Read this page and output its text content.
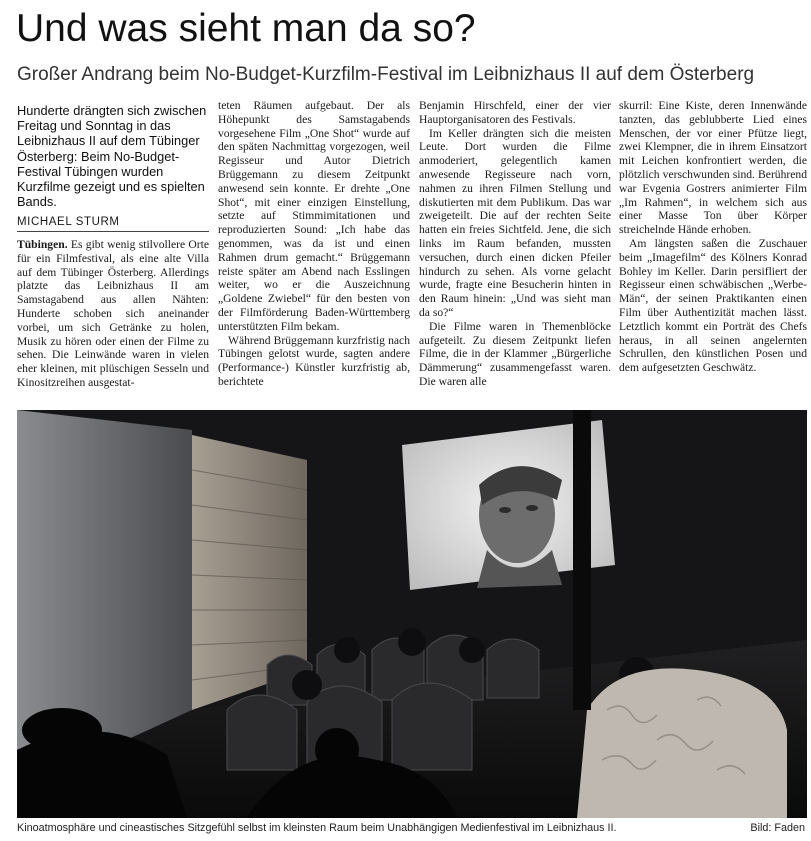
Und was sieht man da so?

Großer Andrang beim No-Budget-Kurzfilm-Festival im Leibnizhaus II auf dem Österberg

Hunderte drängten sich zwischen Freitag und Sonntag in das Leibnizhaus II auf dem Tübinger Österberg: Beim No-Budget-Festival Tübingen wurden Kurzfilme gezeigt und es spielten Bands.

MICHAEL STURM

Tübingen. Es gibt wenig stilvollere Orte für ein Filmfestival, als eine alte Villa auf dem Tübinger Österberg. Allerdings platzte das Leibnizhaus II am Samstagabend aus allen Nähten: Hunderte schoben sich aneinander vorbei, um sich Getränke zu holen, Musik zu hören oder einen der Filme zu sehen. Die Leinwände waren in vielen eher kleinen, mit plüschigen Sesseln und Kinositzreihen ausgestat-

teten Räumen aufgebaut. Der als Höhepunkt des Samstagabends vorgesehene Film „One Shot“ wurde auf den späten Nachmittag vorgezogen, weil Regisseur und Autor Dietrich Brüggemann zu diesem Zeitpunkt anwesend sein konnte. Er drehte „One Shot“, mit einer einzigen Einstellung, setzte auf Stimmimitationen und reproduzierten Sound: „Ich habe das genommen, was da ist und einen Rahmen drum gemacht.“ Brüggemann reiste später am Abend nach Esslingen weiter, wo er die Auszeichnung „Goldene Zwiebel“ für den besten von der Filmförderung Baden-Württemberg unterstützten Film bekam.

Während Brüggemann kurzfristig nach Tübingen gelotst wurde, sagten andere (Performance-) Künstler kurzfristig ab, berichtete

Benjamin Hirschfeld, einer der vier Hauptorganisatoren des Festivals.

Im Keller drängten sich die meisten Leute. Dort wurden die Filme anmoderiert, gelegentlich kamen anwesende Regisseure nach vorn, nahmen zu ihren Filmen Stellung und diskutierten mit dem Publikum. Das war zweigeteilt. Die auf der rechten Seite hatten ein freies Sichtfeld. Jene, die sich links im Raum befanden, mussten versuchen, durch einen dicken Pfeiler hindurch zu sehen. Als vorne gelacht wurde, fragte eine Besucherin hinten in den Raum hinein: „Und was sieht man da so?“

Die Filme waren in Themenblöcke aufgeteilt. Zu diesem Zeitpunkt liefen Filme, die in der Klammer „Bürgerliche Dämmerung“ zusammengefasst waren. Die waren alle

skurril: Eine Kiste, deren Innenwände tanzten, das geblubberte Lied eines Menschen, der vor einer Pfütze liegt, zwei Klempner, die in ihrem Einsatzort mit Leichen konfrontiert werden, die plötzlich verschwunden sind. Berührend war Evgenia Gostrers animierter Film „Im Rahmen“, in welchem sich aus einer Masse Ton über Körper streichelnde Hände erhoben.

Am längsten saßen die Zuschauer beim „Imagefilm“ des Kölners Konrad Bohley im Keller. Darin persifliert der Regisseur einen schwäbischen „Werbe-Män“, der seinen Praktikanten einen Film über Authentizität machen lässt. Letztlich kommt ein Porträt des Chefs heraus, in all seinen angelernten Schrullen, den künstlichen Posen und dem aufgesetzten Geschwätz.

Kinoatmosphäre und cineastisches Sitzgefühl selbst im kleinsten Raum beim Unabhängigen Medienfestival im Leibnizhaus II.	Bild: Faden
